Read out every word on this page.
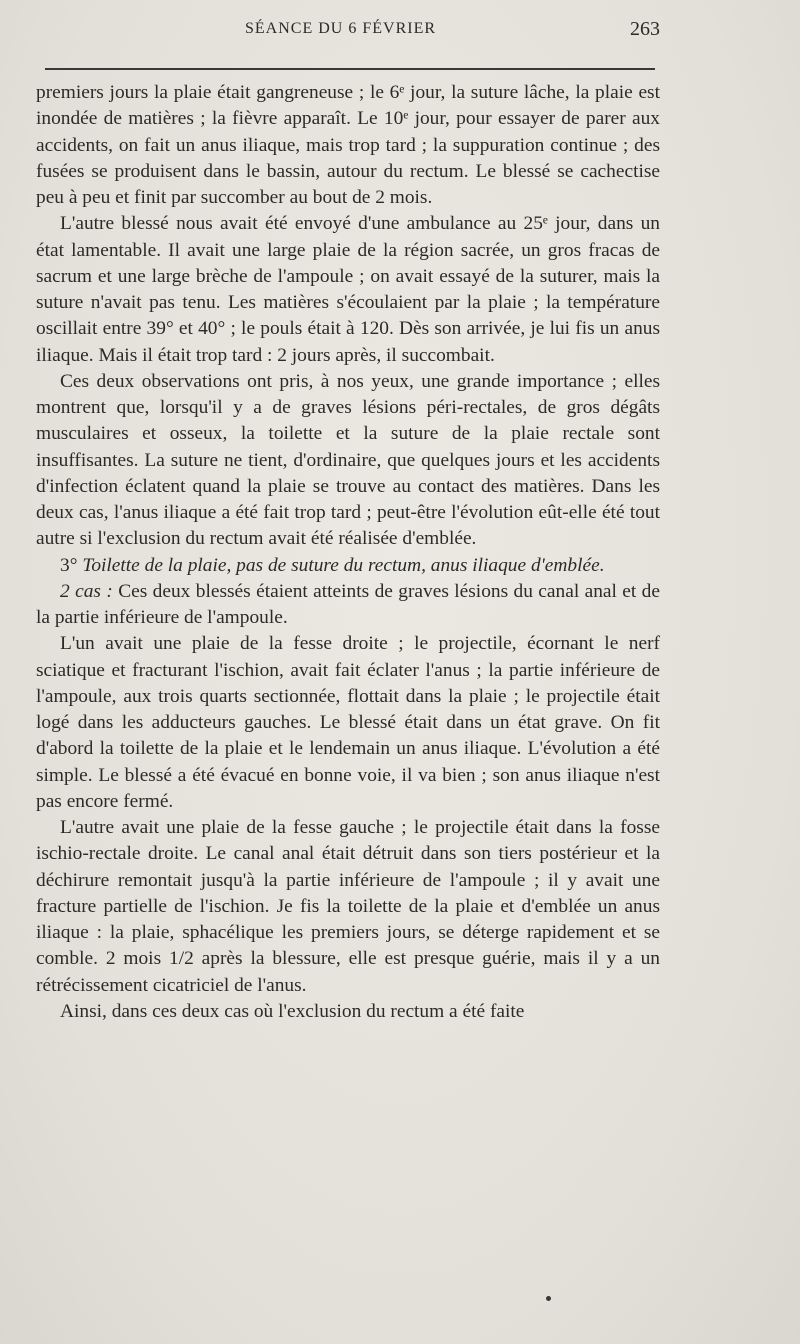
SÉANCE DU 6 FÉVRIER	263

premiers jours la plaie était gangreneuse ; le 6ᵉ jour, la suture lâche, la plaie est inondée de matières ; la fièvre apparaît. Le 10ᵉ jour, pour essayer de parer aux accidents, on fait un anus iliaque, mais trop tard ; la suppuration continue ; des fusées se produisent dans le bassin, autour du rectum. Le blessé se cachectise peu à peu et finit par succomber au bout de 2 mois.

L'autre blessé nous avait été envoyé d'une ambulance au 25ᵉ jour, dans un état lamentable. Il avait une large plaie de la région sacrée, un gros fracas de sacrum et une large brèche de l'ampoule ; on avait essayé de la suturer, mais la suture n'avait pas tenu. Les matières s'écoulaient par la plaie ; la température oscillait entre 39° et 40° ; le pouls était à 120. Dès son arrivée, je lui fis un anus iliaque. Mais il était trop tard : 2 jours après, il succombait.

Ces deux observations ont pris, à nos yeux, une grande importance ; elles montrent que, lorsqu'il y a de graves lésions péri-rectales, de gros dégâts musculaires et osseux, la toilette et la suture de la plaie rectale sont insuffisantes. La suture ne tient, d'ordinaire, que quelques jours et les accidents d'infection éclatent quand la plaie se trouve au contact des matières. Dans les deux cas, l'anus iliaque a été fait trop tard ; peut-être l'évolution eût-elle été tout autre si l'exclusion du rectum avait été réalisée d'emblée.

3° Toilette de la plaie, pas de suture du rectum, anus iliaque d'emblée.

2 cas : Ces deux blessés étaient atteints de graves lésions du canal anal et de la partie inférieure de l'ampoule.

L'un avait une plaie de la fesse droite ; le projectile, écornant le nerf sciatique et fracturant l'ischion, avait fait éclater l'anus ; la partie inférieure de l'ampoule, aux trois quarts sectionnée, flottait dans la plaie ; le projectile était logé dans les adducteurs gauches. Le blessé était dans un état grave. On fit d'abord la toilette de la plaie et le lendemain un anus iliaque. L'évolution a été simple. Le blessé a été évacué en bonne voie, il va bien ; son anus iliaque n'est pas encore fermé.

L'autre avait une plaie de la fesse gauche ; le projectile était dans la fosse ischio-rectale droite. Le canal anal était détruit dans son tiers postérieur et la déchirure remontait jusqu'à la partie inférieure de l'ampoule ; il y avait une fracture partielle de l'ischion. Je fis la toilette de la plaie et d'emblée un anus iliaque : la plaie, sphacélique les premiers jours, se déterge rapidement et se comble. 2 mois 1/2 après la blessure, elle est presque guérie, mais il y a un rétrécissement cicatriciel de l'anus.

Ainsi, dans ces deux cas où l'exclusion du rectum a été faite
